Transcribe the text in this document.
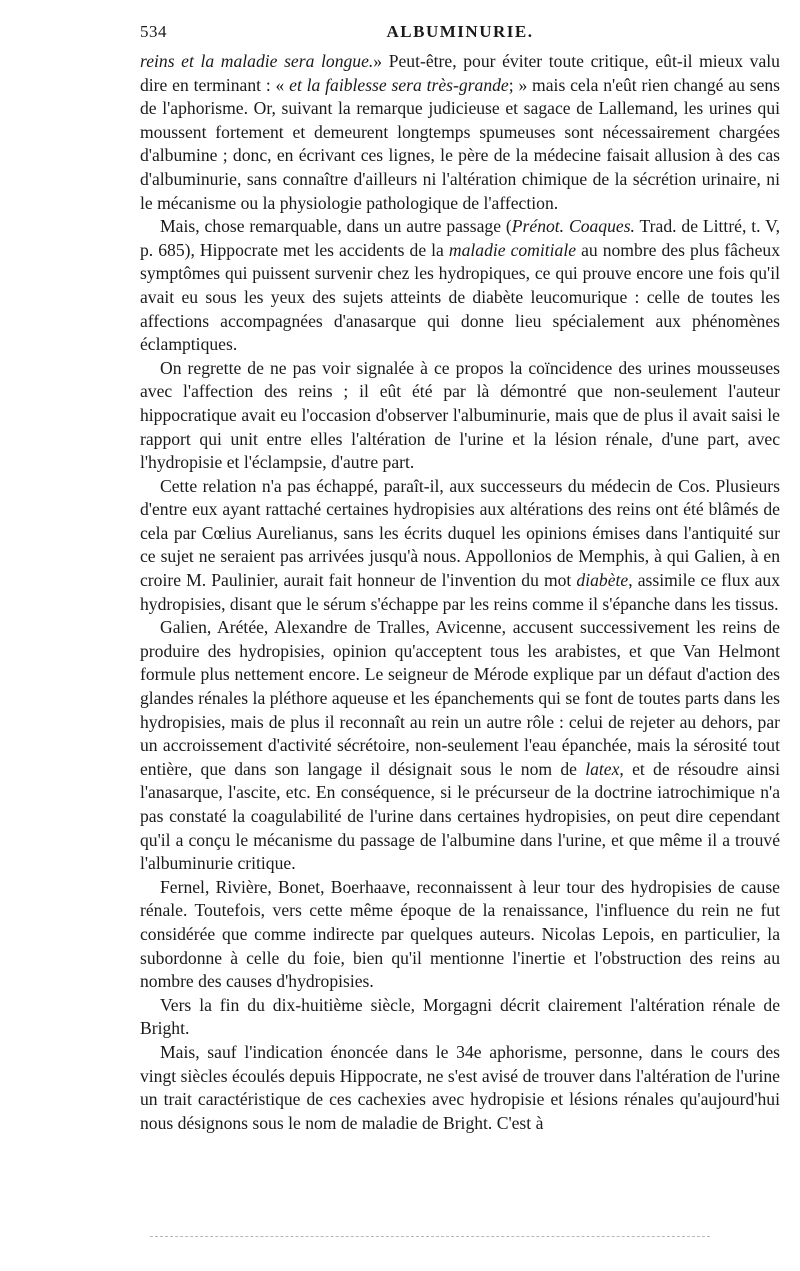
534	ALBUMINURIE.

reins et la maladie sera longue.» Peut-être, pour éviter toute critique, eût-il mieux valu dire en terminant : « et la faiblesse sera très-grande; » mais cela n'eût rien changé au sens de l'aphorisme. Or, suivant la remarque judicieuse et sagace de Lallemand, les urines qui moussent fortement et demeurent longtemps spumeuses sont nécessairement chargées d'albumine ; donc, en écrivant ces lignes, le père de la médecine faisait allusion à des cas d'albuminurie, sans connaître d'ailleurs ni l'altération chimique de la sécrétion urinaire, ni le mécanisme ou la physiologie pathologique de l'affection.

Mais, chose remarquable, dans un autre passage (Prénot. Coaques. Trad. de Littré, t. V, p. 685), Hippocrate met les accidents de la maladie comitiale au nombre des plus fâcheux symptômes qui puissent survenir chez les hydropiques, ce qui prouve encore une fois qu'il avait eu sous les yeux des sujets atteints de diabète leucomurique : celle de toutes les affections accompagnées d'anasarque qui donne lieu spécialement aux phénomènes éclamptiques.

On regrette de ne pas voir signalée à ce propos la coïncidence des urines mousseuses avec l'affection des reins ; il eût été par là démontré que non-seulement l'auteur hippocratique avait eu l'occasion d'observer l'albuminurie, mais que de plus il avait saisi le rapport qui unit entre elles l'altération de l'urine et la lésion rénale, d'une part, avec l'hydropisie et l'éclampsie, d'autre part.

Cette relation n'a pas échappé, paraît-il, aux successeurs du médecin de Cos. Plusieurs d'entre eux ayant rattaché certaines hydropisies aux altérations des reins ont été blâmés de cela par Cœlius Aurelianus, sans les écrits duquel les opinions émises dans l'antiquité sur ce sujet ne seraient pas arrivées jusqu'à nous. Appollonios de Memphis, à qui Galien, à en croire M. Paulinier, aurait fait honneur de l'invention du mot diabète, assimile ce flux aux hydropisies, disant que le sérum s'échappe par les reins comme il s'épanche dans les tissus.

Galien, Arétée, Alexandre de Tralles, Avicenne, accusent successivement les reins de produire des hydropisies, opinion qu'acceptent tous les arabistes, et que Van Helmont formule plus nettement encore. Le seigneur de Mérode explique par un défaut d'action des glandes rénales la pléthore aqueuse et les épanchements qui se font de toutes parts dans les hydropisies, mais de plus il reconnaît au rein un autre rôle : celui de rejeter au dehors, par un accroissement d'activité sécrétoire, non-seulement l'eau épanchée, mais la sérosité tout entière, que dans son langage il désignait sous le nom de latex, et de résoudre ainsi l'anasarque, l'ascite, etc. En conséquence, si le précurseur de la doctrine iatrochimique n'a pas constaté la coagulabilité de l'urine dans certaines hydropisies, on peut dire cependant qu'il a conçu le mécanisme du passage de l'albumine dans l'urine, et que même il a trouvé l'albuminurie critique.

Fernel, Rivière, Bonet, Boerhaave, reconnaissent à leur tour des hydropisies de cause rénale. Toutefois, vers cette même époque de la renaissance, l'influence du rein ne fut considérée que comme indirecte par quelques auteurs. Nicolas Lepois, en particulier, la subordonne à celle du foie, bien qu'il mentionne l'inertie et l'obstruction des reins au nombre des causes d'hydropisies.

Vers la fin du dix-huitième siècle, Morgagni décrit clairement l'altération rénale de Bright.

Mais, sauf l'indication énoncée dans le 34e aphorisme, personne, dans le cours des vingt siècles écoulés depuis Hippocrate, ne s'est avisé de trouver dans l'altération de l'urine un trait caractéristique de ces cachexies avec hydropisie et lésions rénales qu'aujourd'hui nous désignons sous le nom de maladie de Bright. C'est à
